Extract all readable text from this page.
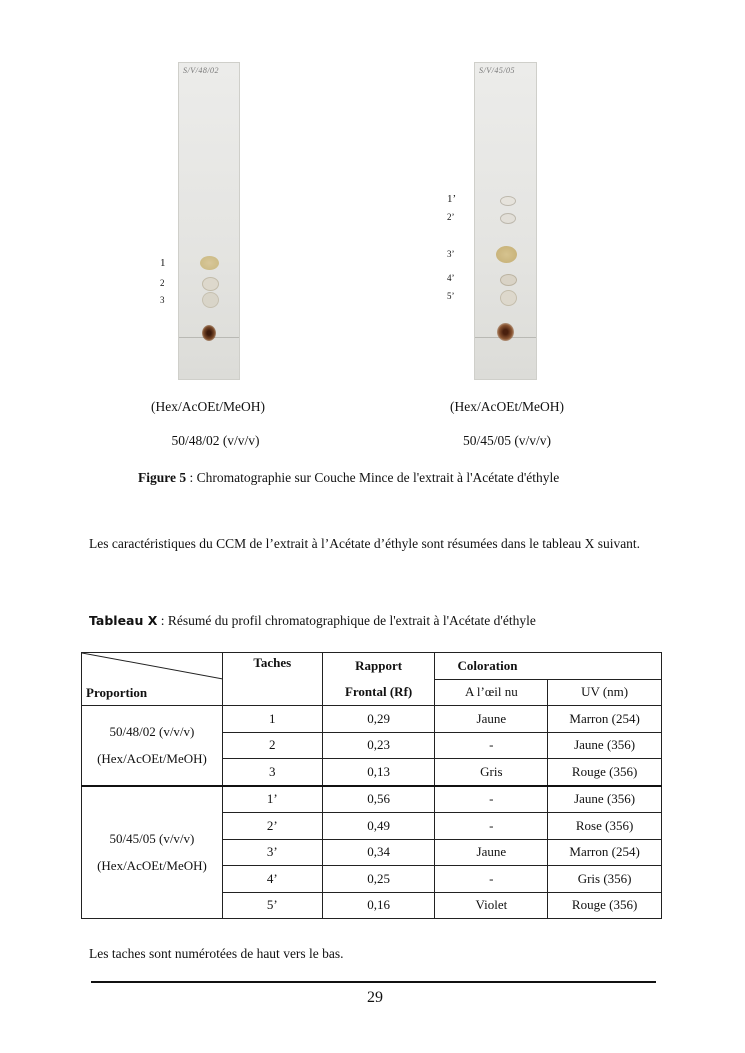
S/V/48/02
1
2
3
S/V/45/05
1’
2’
3’
4’
5’
(Hex/AcOEt/MeOH)
50/48/02 (v/v/v)
(Hex/AcOEt/MeOH)
50/45/05 (v/v/v)
Figure 5 : Chromatographie sur Couche Mince de l'extrait à l'Acétate d'éthyle

Les caractéristiques du CCM de l’extrait à l’Acétate d’éthyle sont résumées dans le tableau X suivant.

Tableau X : Résumé du profil chromatographique de l'extrait à l'Acétate d'éthyle
Proportion	Taches	Rapport	Coloration	
		Frontal (Rf)	A l’œil nu	UV (nm)

50/48/02 (v/v/v)
(Hex/AcOEt/MeOH)	1	0,29	Jaune	Marron (254)
	2	0,23	-	Jaune (356)
	3	0,13	Gris	Rouge (356)

50/45/05 (v/v/v)
(Hex/AcOEt/MeOH)	1’	0,56	-	Jaune (356)
	2’	0,49	-	Rose (356)
	3’	0,34	Jaune	Marron (254)
	4’	0,25	-	Gris (356)
	5’	0,16	Violet	Rouge (356)
Les taches sont numérotées de haut vers le bas.
29
